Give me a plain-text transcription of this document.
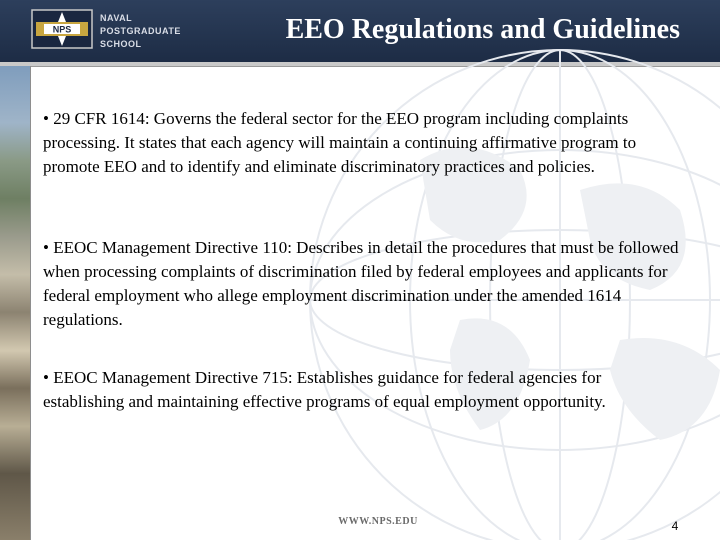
NPS
NAVAL
POSTGRADUATE
SCHOOL	EEO Regulations and Guidelines
• 29 CFR 1614: Governs the federal sector for the EEO program including complaints processing. It states that each agency will maintain a continuing affirmative program to promote EEO and to identify and eliminate discriminatory practices and policies.
• EEOC Management Directive 110: Describes in detail the procedures that must be followed when processing complaints of discrimination filed by federal employees and applicants for federal employment who allege employment discrimination under the amended 1614 regulations.
• EEOC Management Directive 715: Establishes guidance for federal agencies for establishing and maintaining effective programs of equal employment opportunity.
WWW.NPS.EDU	4
